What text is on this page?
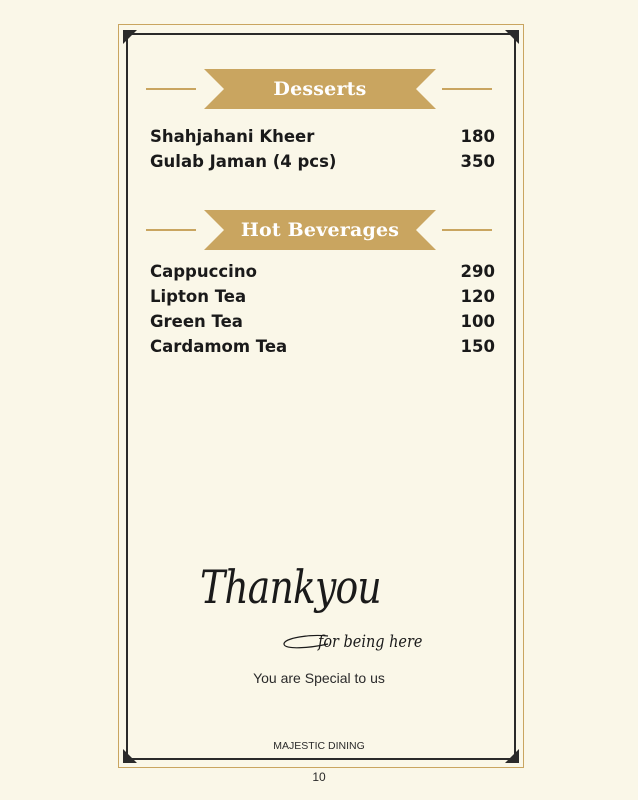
Desserts
Shahjahani Kheer	180
Gulab Jaman (4 pcs)	350
Hot Beverages
Cappuccino	290
Lipton Tea	120
Green Tea	100
Cardamom Tea	150
Thankyou
for being here
You are Special to us
MAJESTIC DINING
10
